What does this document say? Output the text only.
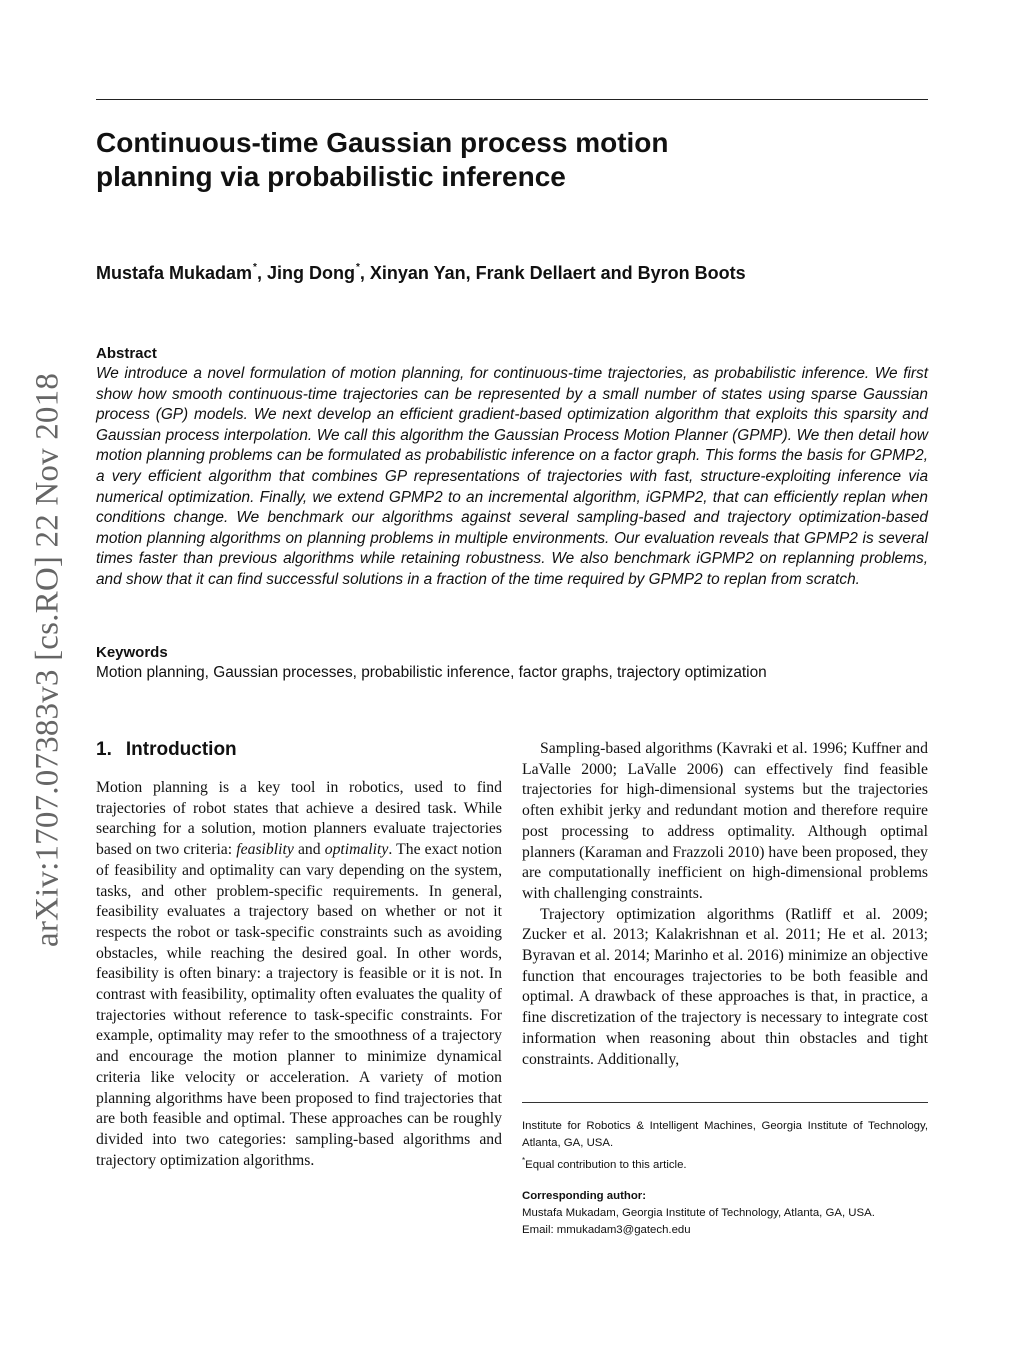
Continuous-time Gaussian process motion planning via probabilistic inference
Mustafa Mukadam*, Jing Dong*, Xinyan Yan, Frank Dellaert and Byron Boots
arXiv:1707.07383v3 [cs.RO] 22 Nov 2018
Abstract

We introduce a novel formulation of motion planning, for continuous-time trajectories, as probabilistic inference. We first show how smooth continuous-time trajectories can be represented by a small number of states using sparse Gaussian process (GP) models. We next develop an efficient gradient-based optimization algorithm that exploits this sparsity and Gaussian process interpolation. We call this algorithm the Gaussian Process Motion Planner (GPMP). We then detail how motion planning problems can be formulated as probabilistic inference on a factor graph. This forms the basis for GPMP2, a very efficient algorithm that combines GP representations of trajectories with fast, structure-exploiting inference via numerical optimization. Finally, we extend GPMP2 to an incremental algorithm, iGPMP2, that can efficiently replan when conditions change. We benchmark our algorithms against several sampling-based and trajectory optimization-based motion planning algorithms on planning problems in multiple environments. Our evaluation reveals that GPMP2 is several times faster than previous algorithms while retaining robustness. We also benchmark iGPMP2 on replanning problems, and show that it can find successful solutions in a fraction of the time required by GPMP2 to replan from scratch.

Keywords

Motion planning, Gaussian processes, probabilistic inference, factor graphs, trajectory optimization

1. Introduction

Motion planning is a key tool in robotics, used to find trajectories of robot states that achieve a desired task. While searching for a solution, motion planners evaluate trajectories based on two criteria: feasiblity and optimality. The exact notion of feasibility and optimality can vary depending on the system, tasks, and other problem-specific requirements. In general, feasibility evaluates a trajectory based on whether or not it respects the robot or task-specific constraints such as avoiding obstacles, while reaching the desired goal. In other words, feasibility is often binary: a trajectory is feasible or it is not. In contrast with feasibility, optimality often evaluates the quality of trajectories without reference to task-specific constraints. For example, optimality may refer to the smoothness of a trajectory and encourage the motion planner to minimize dynamical criteria like velocity or acceleration. A variety of motion planning algorithms have been proposed to find trajectories that are both feasible and optimal. These approaches can be roughly divided into two categories: sampling-based algorithms and trajectory optimization algorithms.

Sampling-based algorithms (Kavraki et al. 1996; Kuffner and LaValle 2000; LaValle 2006) can effectively find feasible trajectories for high-dimensional systems but the trajectories often exhibit jerky and redundant motion and therefore require post processing to address optimality. Although optimal planners (Karaman and Frazzoli 2010) have been proposed, they are computationally inefficient on high-dimensional problems with challenging constraints.

Trajectory optimization algorithms (Ratliff et al. 2009; Zucker et al. 2013; Kalakrishnan et al. 2011; He et al. 2013; Byravan et al. 2014; Marinho et al. 2016) minimize an objective function that encourages trajectories to be both feasible and optimal. A drawback of these approaches is that, in practice, a fine discretization of the trajectory is necessary to integrate cost information when reasoning about thin obstacles and tight constraints. Additionally,

Institute for Robotics & Intelligent Machines, Georgia Institute of Technology, Atlanta, GA, USA.

*Equal contribution to this article.

Corresponding author:

Mustafa Mukadam, Georgia Institute of Technology, Atlanta, GA, USA.

Email: mmukadam3@gatech.edu
